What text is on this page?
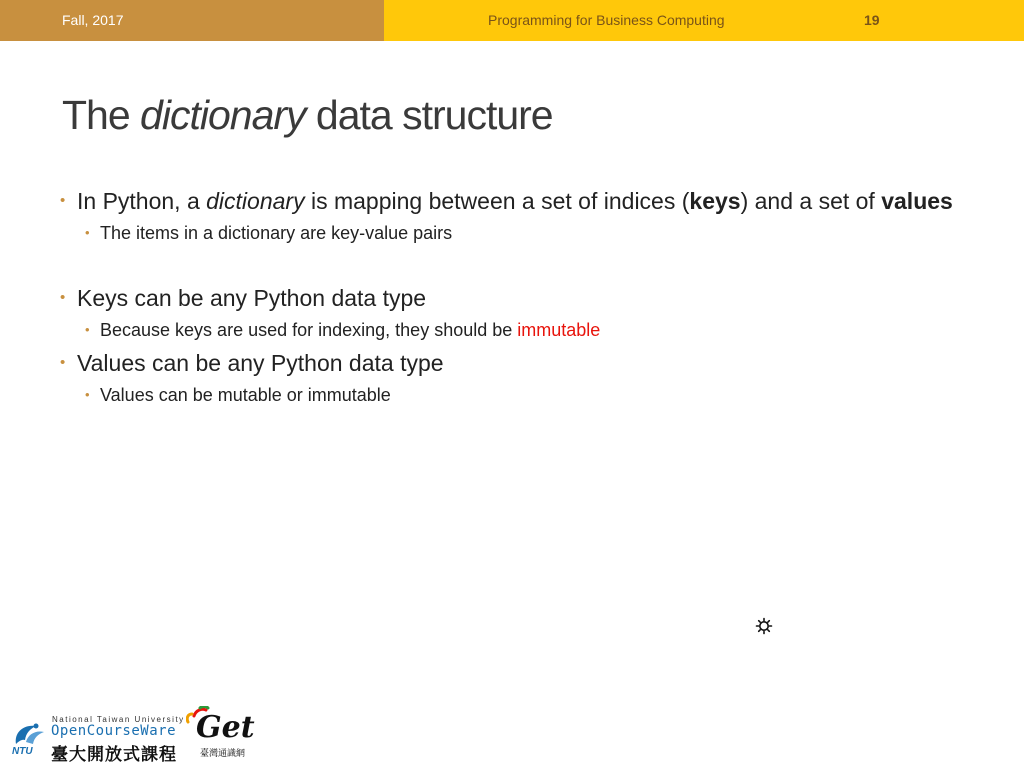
Fall, 2017	Programming for Business Computing	19
The dictionary data structure
• In Python, a dictionary is mapping between a set of indices (keys) and a set of values
• The items in a dictionary are key-value pairs
• Keys can be any Python data type
• Because keys are used for indexing, they should be immutable
• Values can be any Python data type
• Values can be mutable or immutable
NTU
National Taiwan University
OpenCourseWare
臺大開放式課程
Get
臺灣通識網
